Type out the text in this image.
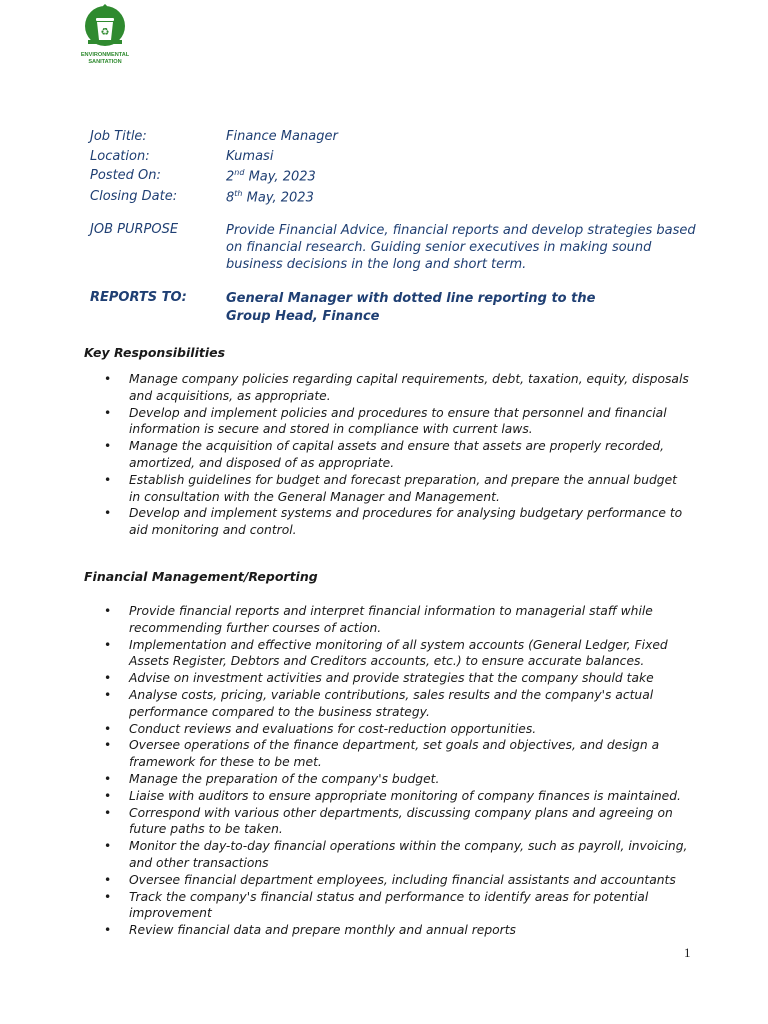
♻
ENVIRONMENTAL
SANITATION
Job Title:	Finance Manager
Location:	Kumasi
Posted On:	2nd May, 2023
Closing Date:	8th May, 2023
JOB PURPOSE	Provide Financial Advice, financial reports and develop strategies based on financial research. Guiding senior executives in making sound business decisions in the long and short term.
REPORTS TO:	General Manager with dotted line reporting to the Group Head, Finance
Key Responsibilities
• Manage company policies regarding capital requirements, debt, taxation, equity, disposals and acquisitions, as appropriate.
• Develop and implement policies and procedures to ensure that personnel and financial information is secure and stored in compliance with current laws.
• Manage the acquisition of capital assets and ensure that assets are properly recorded, amortized, and disposed of as appropriate.
• Establish guidelines for budget and forecast preparation, and prepare the annual budget in consultation with the General Manager and Management.
• Develop and implement systems and procedures for analysing budgetary performance to aid monitoring and control.
Financial Management/Reporting
• Provide financial reports and interpret financial information to managerial staff while recommending further courses of action.
• Implementation and effective monitoring of all system accounts (General Ledger, Fixed Assets Register, Debtors and Creditors accounts, etc.) to ensure accurate balances.
• Advise on investment activities and provide strategies that the company should take
• Analyse costs, pricing, variable contributions, sales results and the company's actual performance compared to the business strategy.
• Conduct reviews and evaluations for cost-reduction opportunities.
• Oversee operations of the finance department, set goals and objectives, and design a framework for these to be met.
• Manage the preparation of the company's budget.
• Liaise with auditors to ensure appropriate monitoring of company finances is maintained.
• Correspond with various other departments, discussing company plans and agreeing on future paths to be taken.
• Monitor the day-to-day financial operations within the company, such as payroll, invoicing, and other transactions
• Oversee financial department employees, including financial assistants and accountants
• Track the company's financial status and performance to identify areas for potential improvement
• Review financial data and prepare monthly and annual reports
1
